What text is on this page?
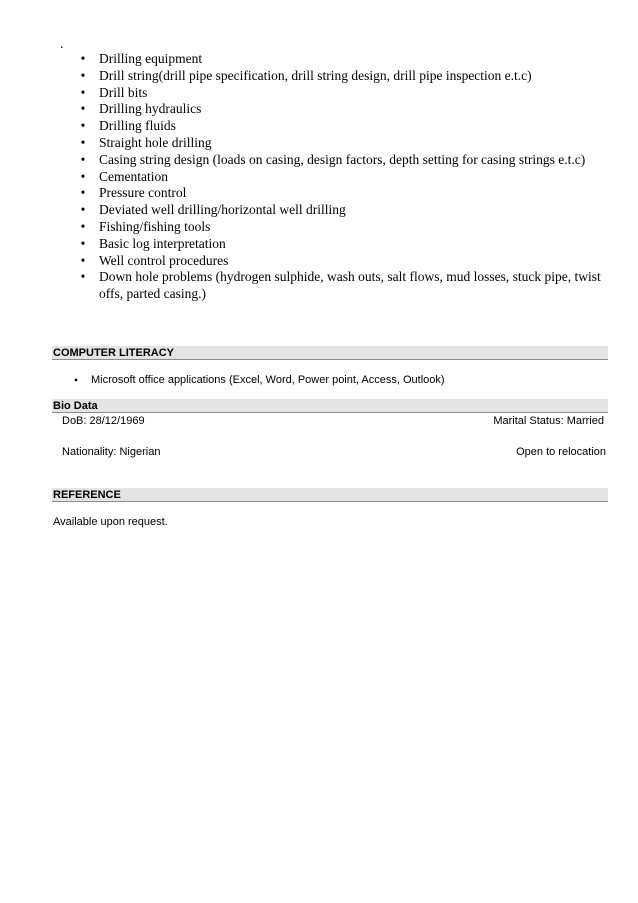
.
• Drilling equipment
• Drill string(drill pipe specification, drill string design, drill pipe inspection e.t.c)
• Drill bits
• Drilling hydraulics
• Drilling fluids
• Straight hole drilling
• Casing string design (loads on casing, design factors, depth setting for casing strings e.t.c)
• Cementation
• Pressure control
• Deviated well drilling/horizontal well drilling
• Fishing/fishing tools
• Basic log interpretation
• Well control procedures
• Down hole problems (hydrogen sulphide, wash outs, salt flows, mud losses, stuck pipe, twist offs, parted casing.)
COMPUTER LITERACY
• Microsoft office applications (Excel, Word, Power point, Access, Outlook)
Bio Data
DoB: 28/12/1969	Marital Status: Married
Nationality: Nigerian	Open to relocation
REFERENCE
Available upon request.
